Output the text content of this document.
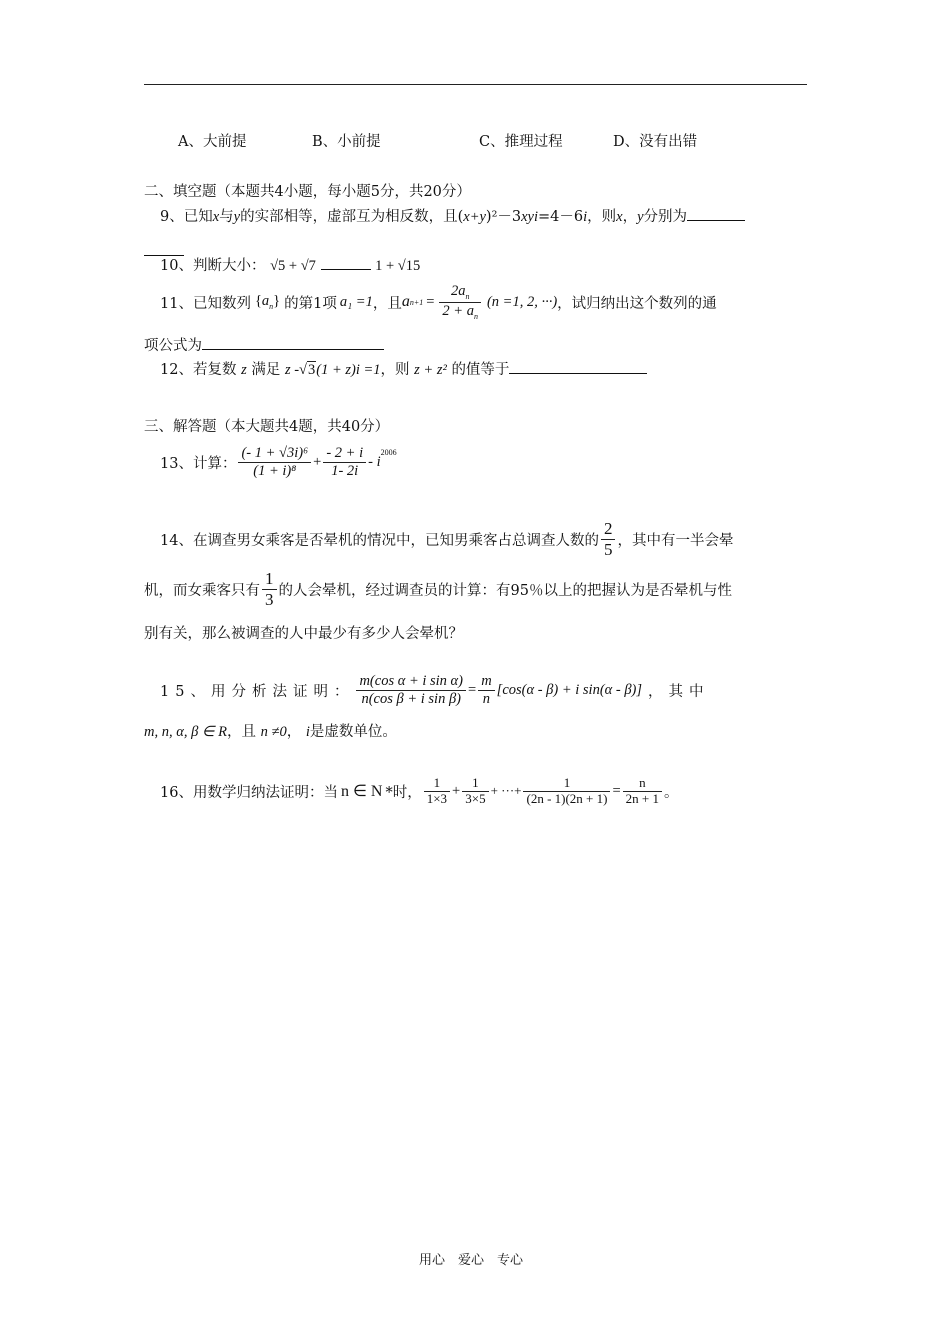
A、大前提	B、小前提	C、推理过程	D、没有出错
二、填空题（本题共4小题，每小题5分，共20分）
9、已知x与y的实部相等，虚部互为相反数，且(x+y)²－3xyi=4－6i，则x，y分别为
10、判断大小： √5 + √7	1 + √15
11、已知数列 $\{a_n\}$ 的第1项 a₁ =1 ，且 a $n+1 = \frac{2a_n}{2 + a_n} (n =1$, 2, ···) ，试归纳出这个数列的通
项公式为
12、若复数 z 满足 z -√3(1 + z)i =1，则 z + z² 的值等于
三、解答题（本大题共4题，共40分）
13、计算： $\frac{\text{(- 1 + √3i)⁶}}{\text{(1 + i)⁸}} + \frac{- 2 + i}{1- 2i} - i$
$^{2006}$
14、在调查男女乘客是否晕机的情况中，已知男乘客占总调查人数的 $\frac{2}{5}$ ，其中有一半会晕
机，而女乘客只有 $\frac{1}{3}$ 的人会晕机，经过调查员的计算：有95％以上的把握认为是否晕机与性
别有关，那么被调查的人中最少有多少人会晕机？
15、用分析法证明： $\frac{\text{m(cos α + i sin α)}}{\text{n(cos β + i sin β)}} = \frac{m}{n} [\cos(\alpha - \beta) + i$ sin(α - β)] ，其中
m, n, α, β ∈ R，且 n ≠0， i是虚数单位。
16、用数学归纳法证明：当 n ∈ N *时， $\frac{1}{1\times 3} + \frac{1}{3\times 5}$ + ···+ $\frac{1}{(2n - 1)(2n + 1)} = \frac{n}{2n + 1}$ 。
用心　爱心　专心
